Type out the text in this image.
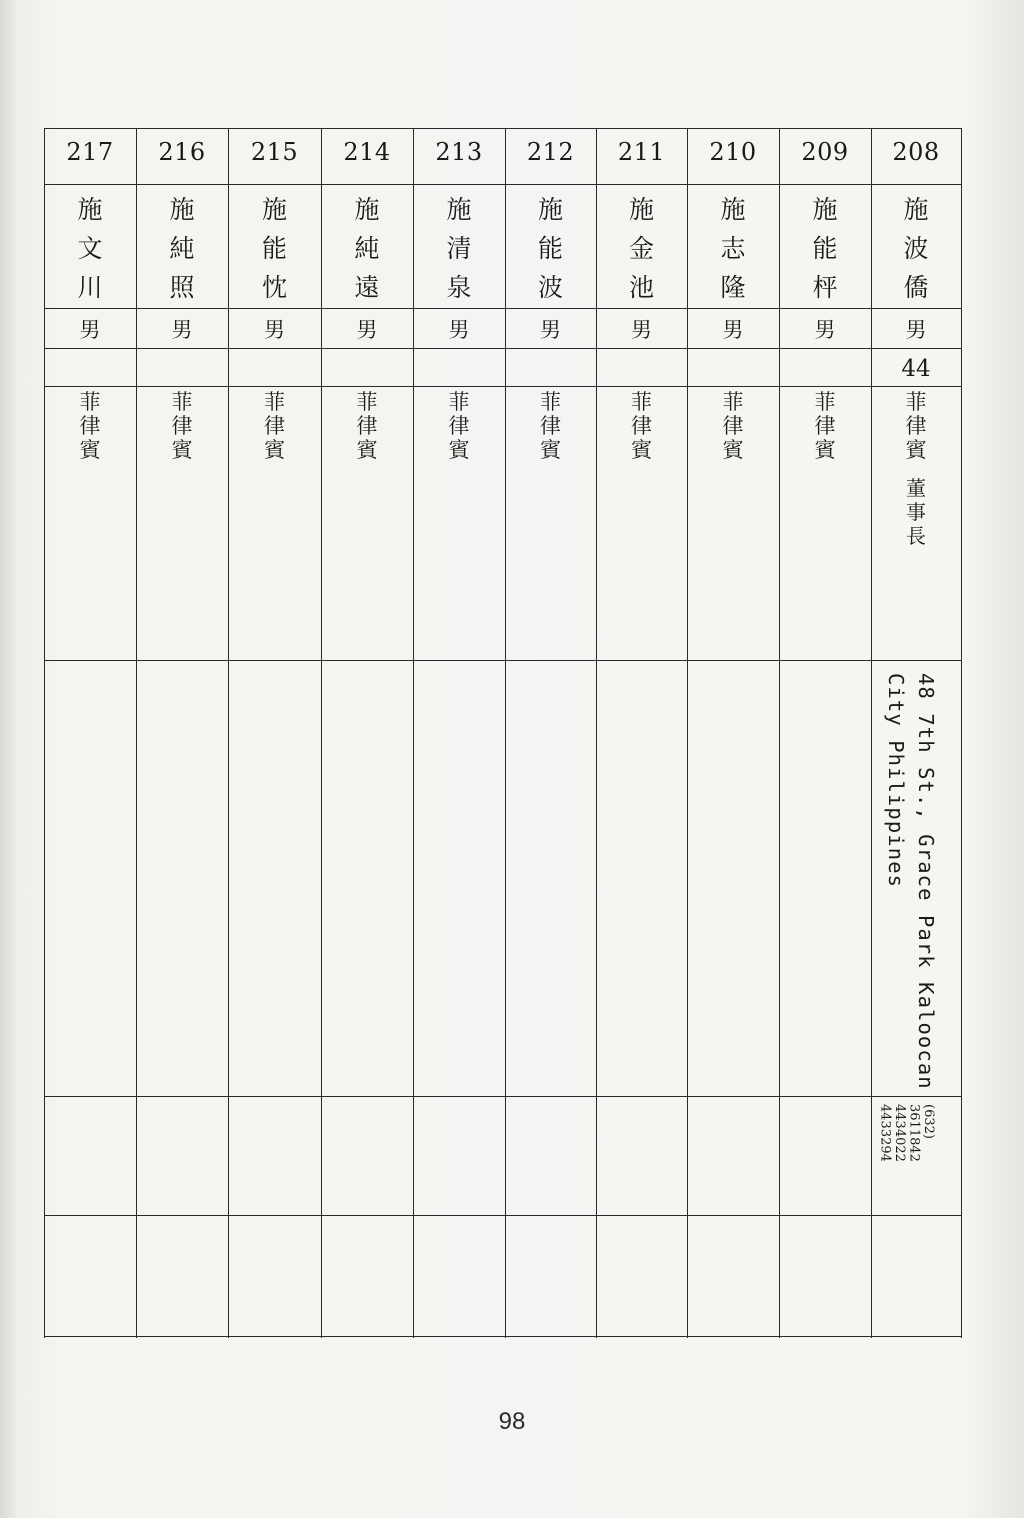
217
施
文
川
男
菲
律
賓
216
施
純
照
男
菲
律
賓
215
施
能
忱
男
菲
律
賓
214
施
純
遠
男
菲
律
賓
213
施
清
泉
男
菲
律
賓
212
施
能
波
男
菲
律
賓
211
施
金
池
男
菲
律
賓
210
施
志
隆
男
菲
律
賓
209
施
能
枰
男
菲
律
賓
208
施
波
僑
男
44
菲
律
賓
董
事
長
48 7th St., Grace Park Kaloocan
City Philippines
(632)
3611842
4434022
4433294
98
